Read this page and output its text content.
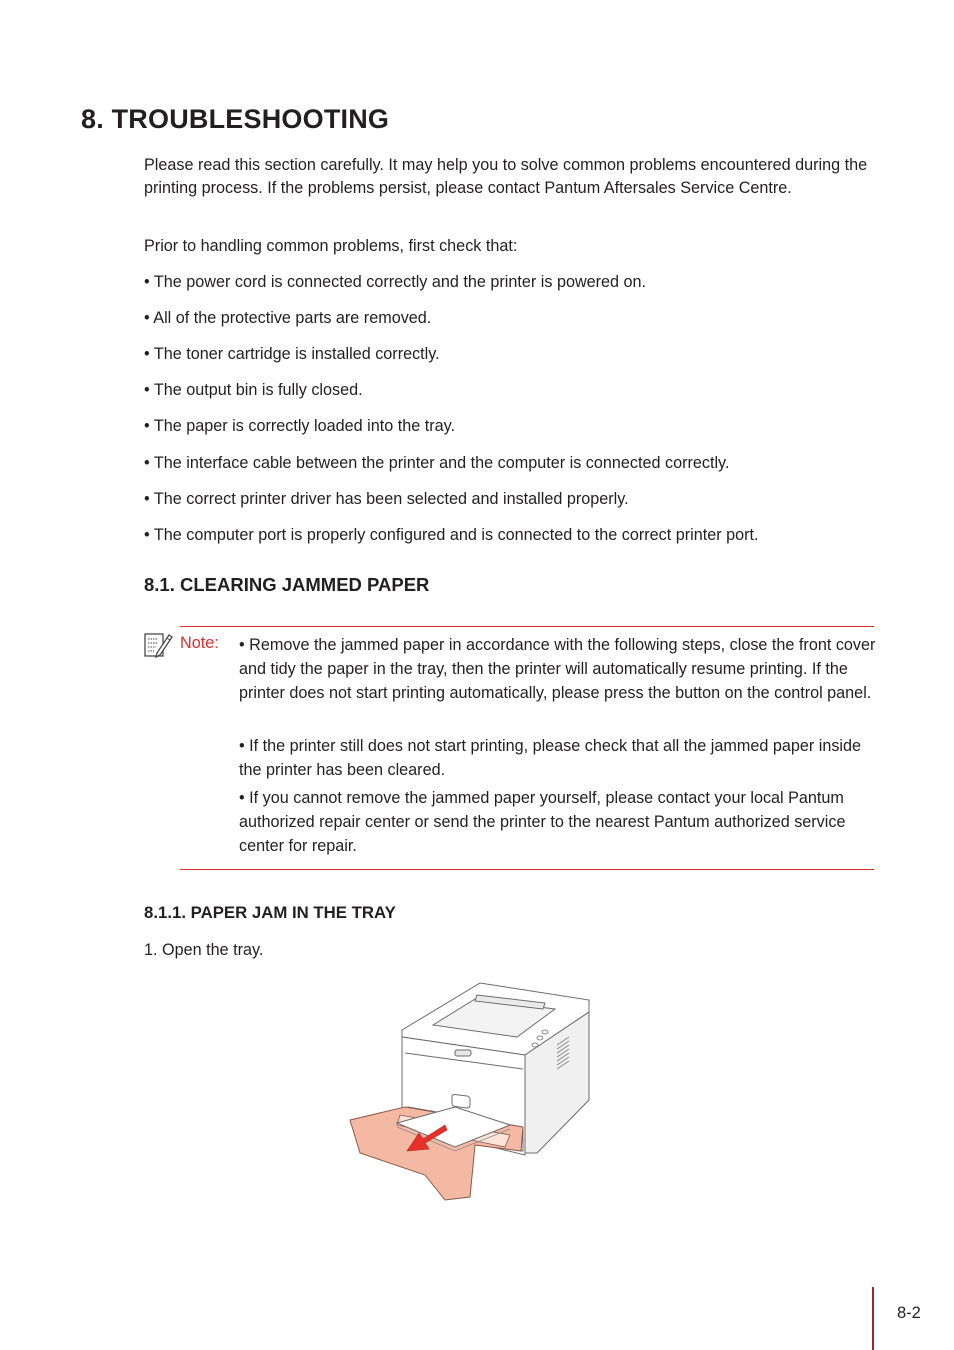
8. TROUBLESHOOTING

Please read this section carefully. It may help you to solve common problems encountered during the printing process. If the problems persist, please contact Pantum Aftersales Service Centre.

Prior to handling common problems, first check that:

• The power cord is connected correctly and the printer is powered on.

• All of the protective parts are removed.

• The toner cartridge is installed correctly.

• The output bin is fully closed.

• The paper is correctly loaded into the tray.

• The interface cable between the printer and the computer is connected correctly.

• The correct printer driver has been selected and installed properly.

• The computer port is properly configured and is connected to the correct printer port.

8.1. CLEARING JAMMED PAPER
Note: • Remove the jammed paper in accordance with the following steps, close the front cover and tidy the paper in the tray, then the printer will automatically resume printing. If the printer does not start printing automatically, please press the button on the control panel.

• If the printer still does not start printing, please check that all the jammed paper inside the printer has been cleared.

• If you cannot remove the jammed paper yourself, please contact your local Pantum authorized repair center or send the printer to the nearest Pantum authorized service center for repair.

8.1.1. PAPER JAM IN THE TRAY

1. Open the tray.

8-2
